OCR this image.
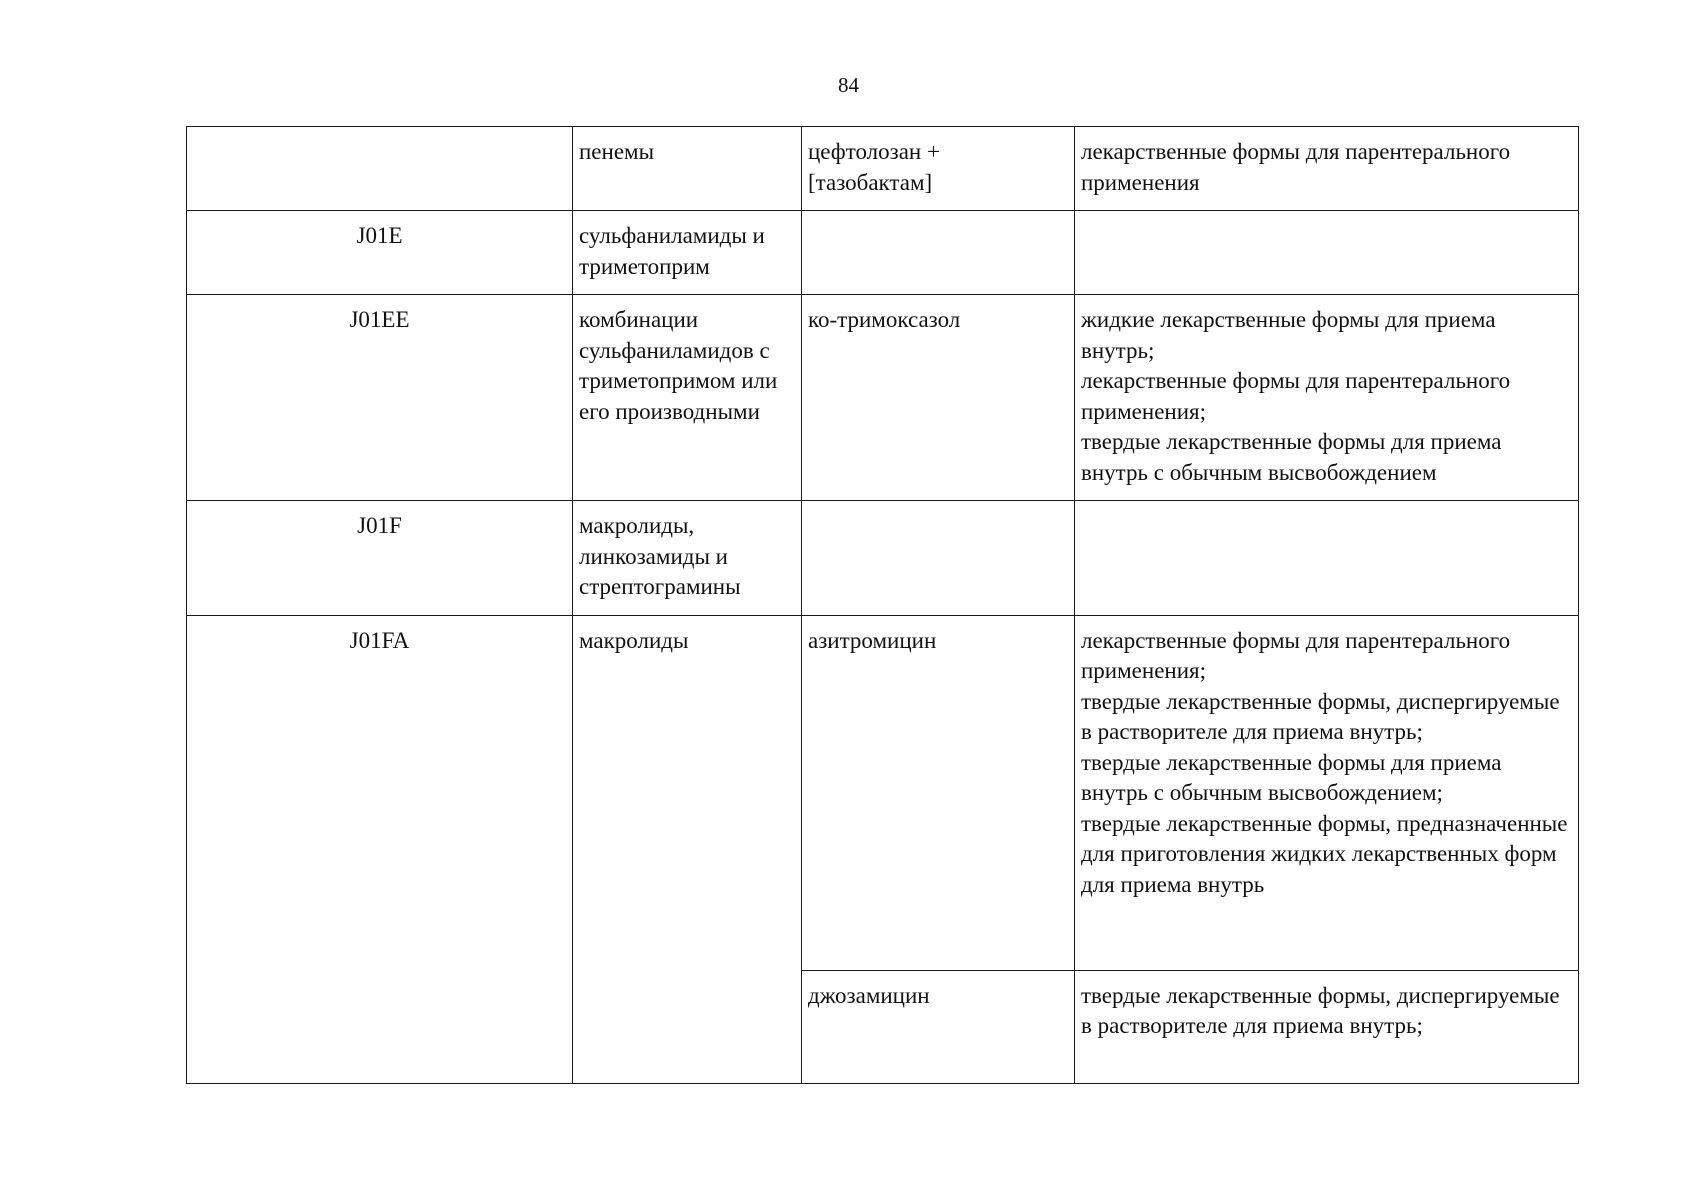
84
	пенемы	цефтолозан + [тазобактам]	лекарственные формы для парентерального применения

J01E	сульфаниламиды и триметоприм		
J01EE	комбинации сульфаниламидов с триметопримом или его производными	ко-тримоксазол	жидкие лекарственные формы для приема внутрь;
лекарственные формы для парентерального применения;
твердые лекарственные формы для приема внутрь с обычным высвобождением

J01F	макролиды, линкозамиды и стрептограмины		
J01FA	макролиды	азитромицин	лекарственные формы для парентерального применения;
твердые лекарственные формы, диспергируемые в растворителе для приема внутрь;
твердые лекарственные формы для приема внутрь с обычным высвобождением;
твердые лекарственные формы, предназначенные для приготовления жидких лекарственных форм для приема внутрь

		джозамицин	твердые лекарственные формы, диспергируемые в растворителе для приема внутрь;
